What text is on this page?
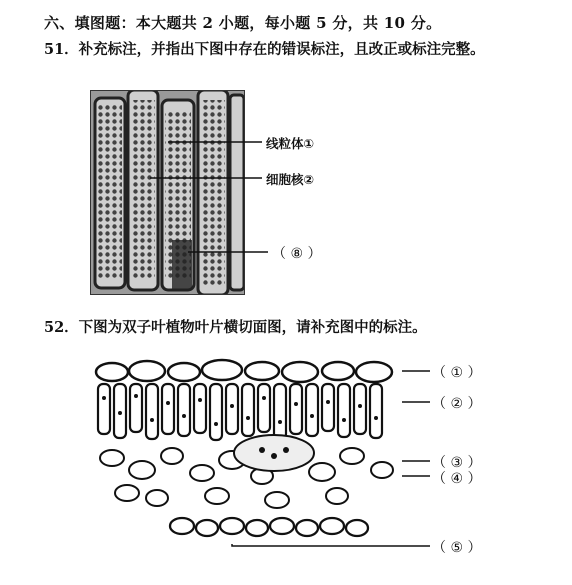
六、填图题：本大题共 2 小题，每小题 5 分，共 10 分。
51．补充标注，并指出下图中存在的错误标注，且改正或标注完整。
线粒体①
细胞核②
（ ⑧ ）
52．下图为双子叶植物叶片横切面图，请补充图中的标注。
（ ① ）
（ ② ）
（ ③ ）
（ ④ ）
（ ⑤ ）
